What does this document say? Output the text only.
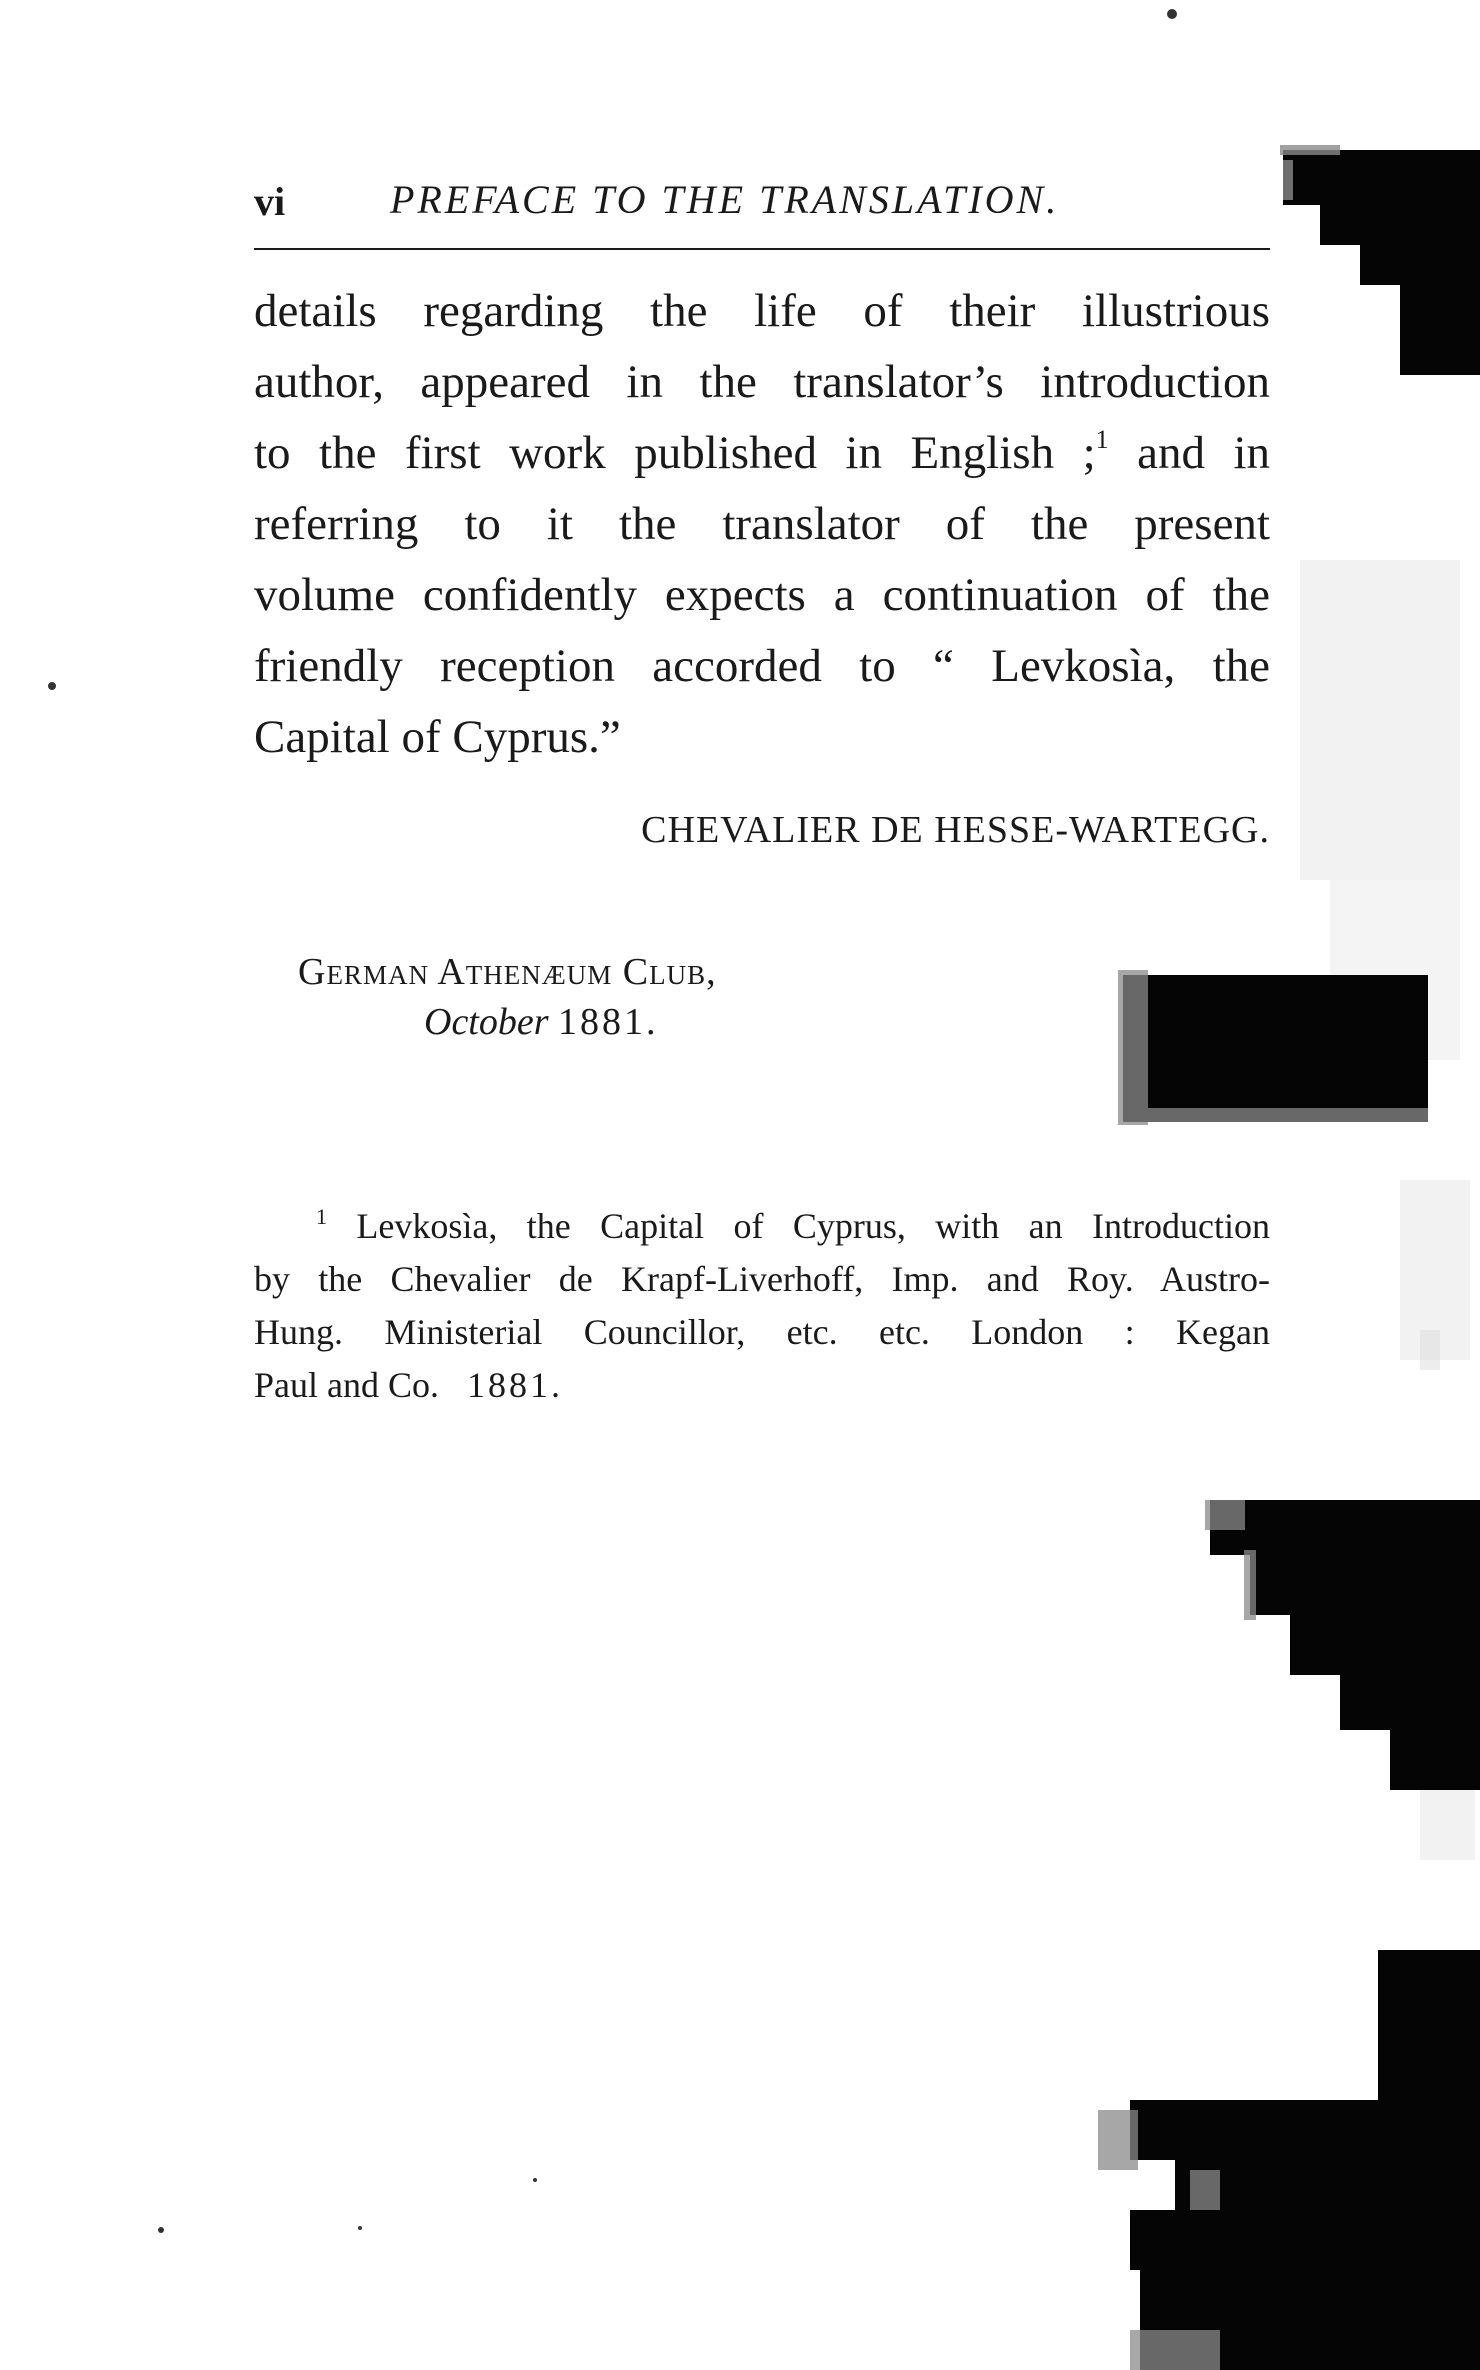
vi	PREFACE TO THE TRANSLATION.
details regarding the life of their illustrious
author, appeared in the translator’s introduction
to the first work published in English ;$^1$ and in
referring to it the translator of the present
volume confidently expects a continuation of the
friendly reception accorded to “ Levkosìa, the
Capital of Cyprus.”
CHEVALIER DE HESSE-WARTEGG.
German Athenæum Club,
October 1881.
$^1$ Levkosìa, the Capital of Cyprus, with an Introduction
by the Chevalier de Krapf-Liverhoff, Imp. and Roy. Austro-
Hung. Ministerial Councillor, etc. etc. London : Kegan
Paul and Co. 1881.
